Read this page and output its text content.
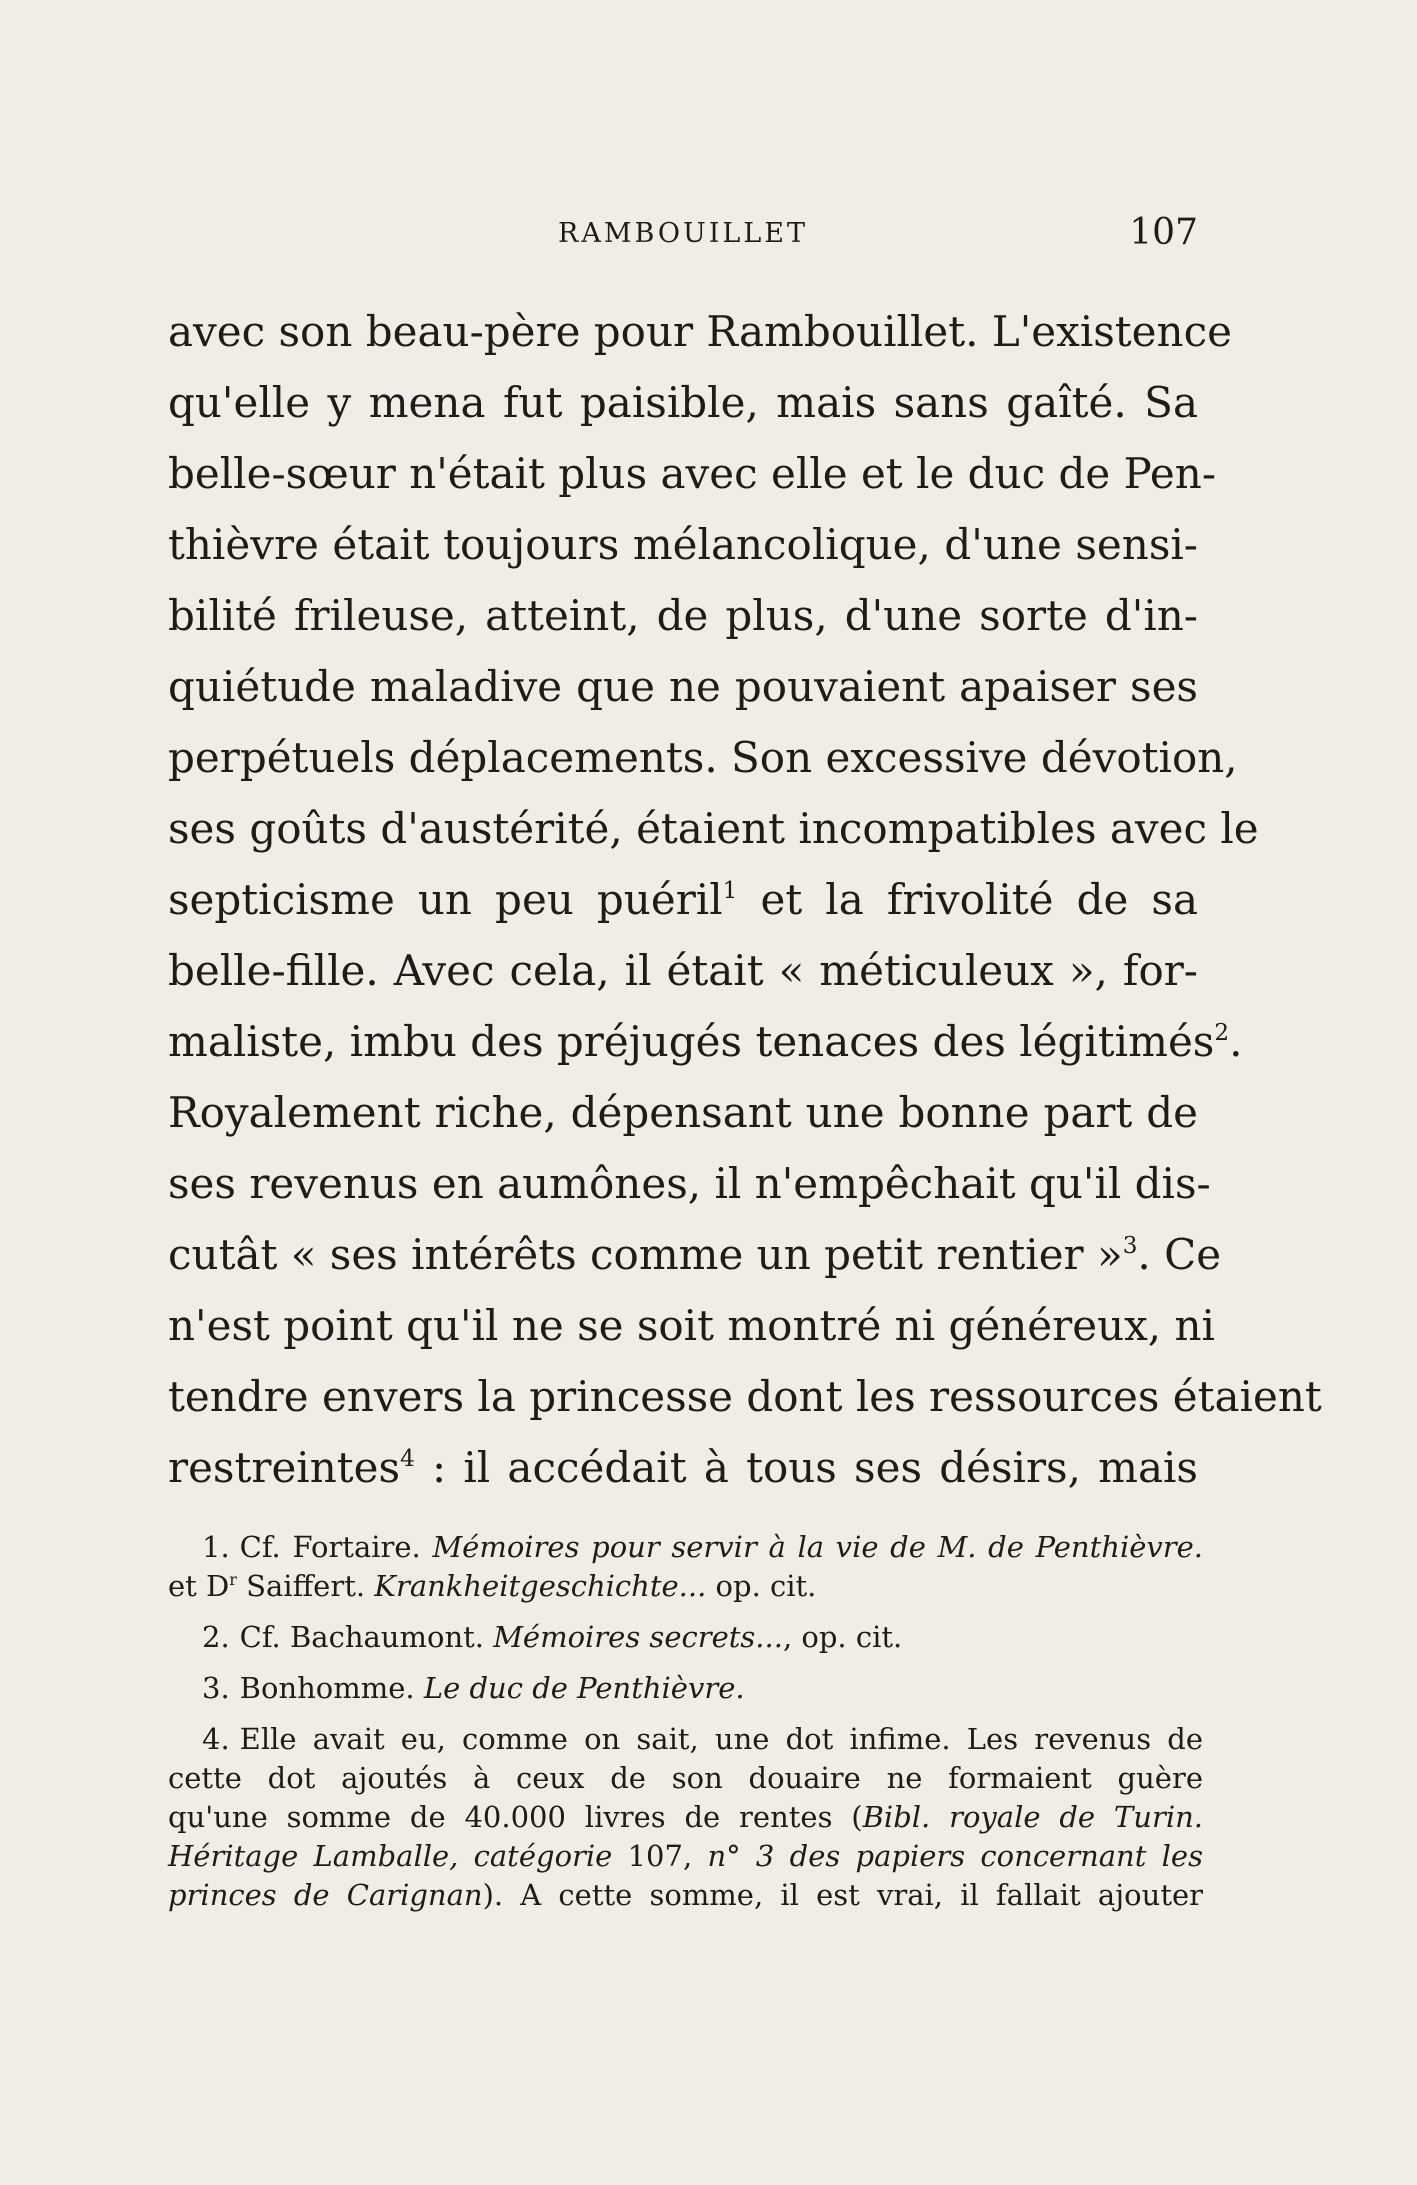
RAMBOUILLET	107
avec son beau-père pour Rambouillet. L'existence
qu'elle y mena fut paisible, mais sans gaîté. Sa
belle-sœur n'était plus avec elle et le duc de Pen-
thièvre était toujours mélancolique, d'une sensi-
bilité frileuse, atteint, de plus, d'une sorte d'in-
quiétude maladive que ne pouvaient apaiser ses
perpétuels déplacements. Son excessive dévotion,
ses goûts d'austérité, étaient incompatibles avec le
septicisme un peu puéril$^1$ et la frivolité de sa
belle-fille. Avec cela, il était « méticuleux », for-
maliste, imbu des préjugés tenaces des légitimés$^2$.
Royalement riche, dépensant une bonne part de
ses revenus en aumônes, il n'empêchait qu'il dis-
cutât « ses intérêts comme un petit rentier »$^3$. Ce
n'est point qu'il ne se soit montré ni généreux, ni
tendre envers la princesse dont les ressources étaient
restreintes$^4$ : il accédait à tous ses désirs, mais
1. Cf. Fortaire. Mémoires pour servir à la vie de M. de Penthièvre.
et $D^r$ Saiffert. Krankheitgeschichte... op. cit.
2. Cf. Bachaumont. Mémoires secrets..., op. cit.
3. Bonhomme. Le duc de Penthièvre.
4. Elle avait eu, comme on sait, une dot infime. Les revenus de
cette dot ajoutés à ceux de son douaire ne formaient guère
qu'une somme de 40.000 livres de rentes (Bibl. royale de Turin.
Héritage Lamballe, catégorie 107, n° 3 des papiers concernant les
princes de Carignan). A cette somme, il est vrai, il fallait ajouter
